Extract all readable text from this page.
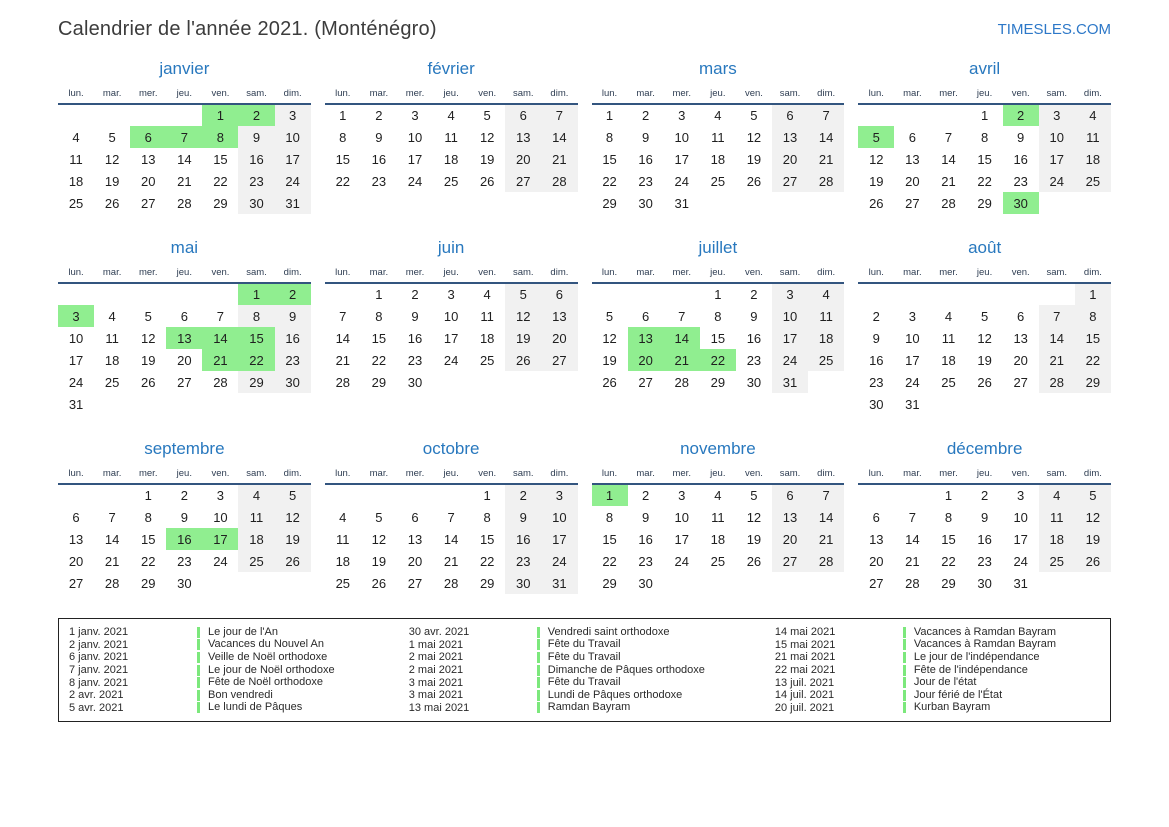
Calendrier de l'année 2021. (Monténégro)	TIMESLES.COM
janvier
lun.	mar.	mer.	jeu.	ven.	sam.	dim.
				1	2	3
4	5	6	7	8	9	10
11	12	13	14	15	16	17
18	19	20	21	22	23	24
25	26	27	28	29	30	31
février
lun.	mar.	mer.	jeu.	ven.	sam.	dim.
1	2	3	4	5	6	7
8	9	10	11	12	13	14
15	16	17	18	19	20	21
22	23	24	25	26	27	28
mars
lun.	mar.	mer.	jeu.	ven.	sam.	dim.
1	2	3	4	5	6	7
8	9	10	11	12	13	14
15	16	17	18	19	20	21
22	23	24	25	26	27	28
29	30	31				
avril
lun.	mar.	mer.	jeu.	ven.	sam.	dim.
			1	2	3	4
5	6	7	8	9	10	11
12	13	14	15	16	17	18
19	20	21	22	23	24	25
26	27	28	29	30		
mai
lun.	mar.	mer.	jeu.	ven.	sam.	dim.
					1	2
3	4	5	6	7	8	9
10	11	12	13	14	15	16
17	18	19	20	21	22	23
24	25	26	27	28	29	30
31						
juin
lun.	mar.	mer.	jeu.	ven.	sam.	dim.
	1	2	3	4	5	6
7	8	9	10	11	12	13
14	15	16	17	18	19	20
21	22	23	24	25	26	27
28	29	30				
juillet
lun.	mar.	mer.	jeu.	ven.	sam.	dim.
			1	2	3	4
5	6	7	8	9	10	11
12	13	14	15	16	17	18
19	20	21	22	23	24	25
26	27	28	29	30	31	
août
lun.	mar.	mer.	jeu.	ven.	sam.	dim.
						1
2	3	4	5	6	7	8
9	10	11	12	13	14	15
16	17	18	19	20	21	22
23	24	25	26	27	28	29
30	31					
septembre
lun.	mar.	mer.	jeu.	ven.	sam.	dim.
		1	2	3	4	5
6	7	8	9	10	11	12
13	14	15	16	17	18	19
20	21	22	23	24	25	26
27	28	29	30			
octobre
lun.	mar.	mer.	jeu.	ven.	sam.	dim.
				1	2	3
4	5	6	7	8	9	10
11	12	13	14	15	16	17
18	19	20	21	22	23	24
25	26	27	28	29	30	31
novembre
lun.	mar.	mer.	jeu.	ven.	sam.	dim.
1	2	3	4	5	6	7
8	9	10	11	12	13	14
15	16	17	18	19	20	21
22	23	24	25	26	27	28
29	30					
décembre
lun.	mar.	mer.	jeu.	ven.	sam.	dim.
		1	2	3	4	5
6	7	8	9	10	11	12
13	14	15	16	17	18	19
20	21	22	23	24	25	26
27	28	29	30	31		
1 janv. 2021	Le jour de l'An
2 janv. 2021	Vacances du Nouvel An
6 janv. 2021	Veille de Noël orthodoxe
7 janv. 2021	Le jour de Noël orthodoxe
8 janv. 2021	Fête de Noël orthodoxe
2 avr. 2021	Bon vendredi
5 avr. 2021	Le lundi de Pâques
30 avr. 2021	Vendredi saint orthodoxe
1 mai 2021	Fête du Travail
2 mai 2021	Fête du Travail
2 mai 2021	Dimanche de Pâques orthodoxe
3 mai 2021	Fête du Travail
3 mai 2021	Lundi de Pâques orthodoxe
13 mai 2021	Ramdan Bayram
14 mai 2021	Vacances à Ramdan Bayram
15 mai 2021	Vacances à Ramdan Bayram
21 mai 2021	Le jour de l'indépendance
22 mai 2021	Fête de l'indépendance
13 juil. 2021	Jour de l'état
14 juil. 2021	Jour férié de l'État
20 juil. 2021	Kurban Bayram
